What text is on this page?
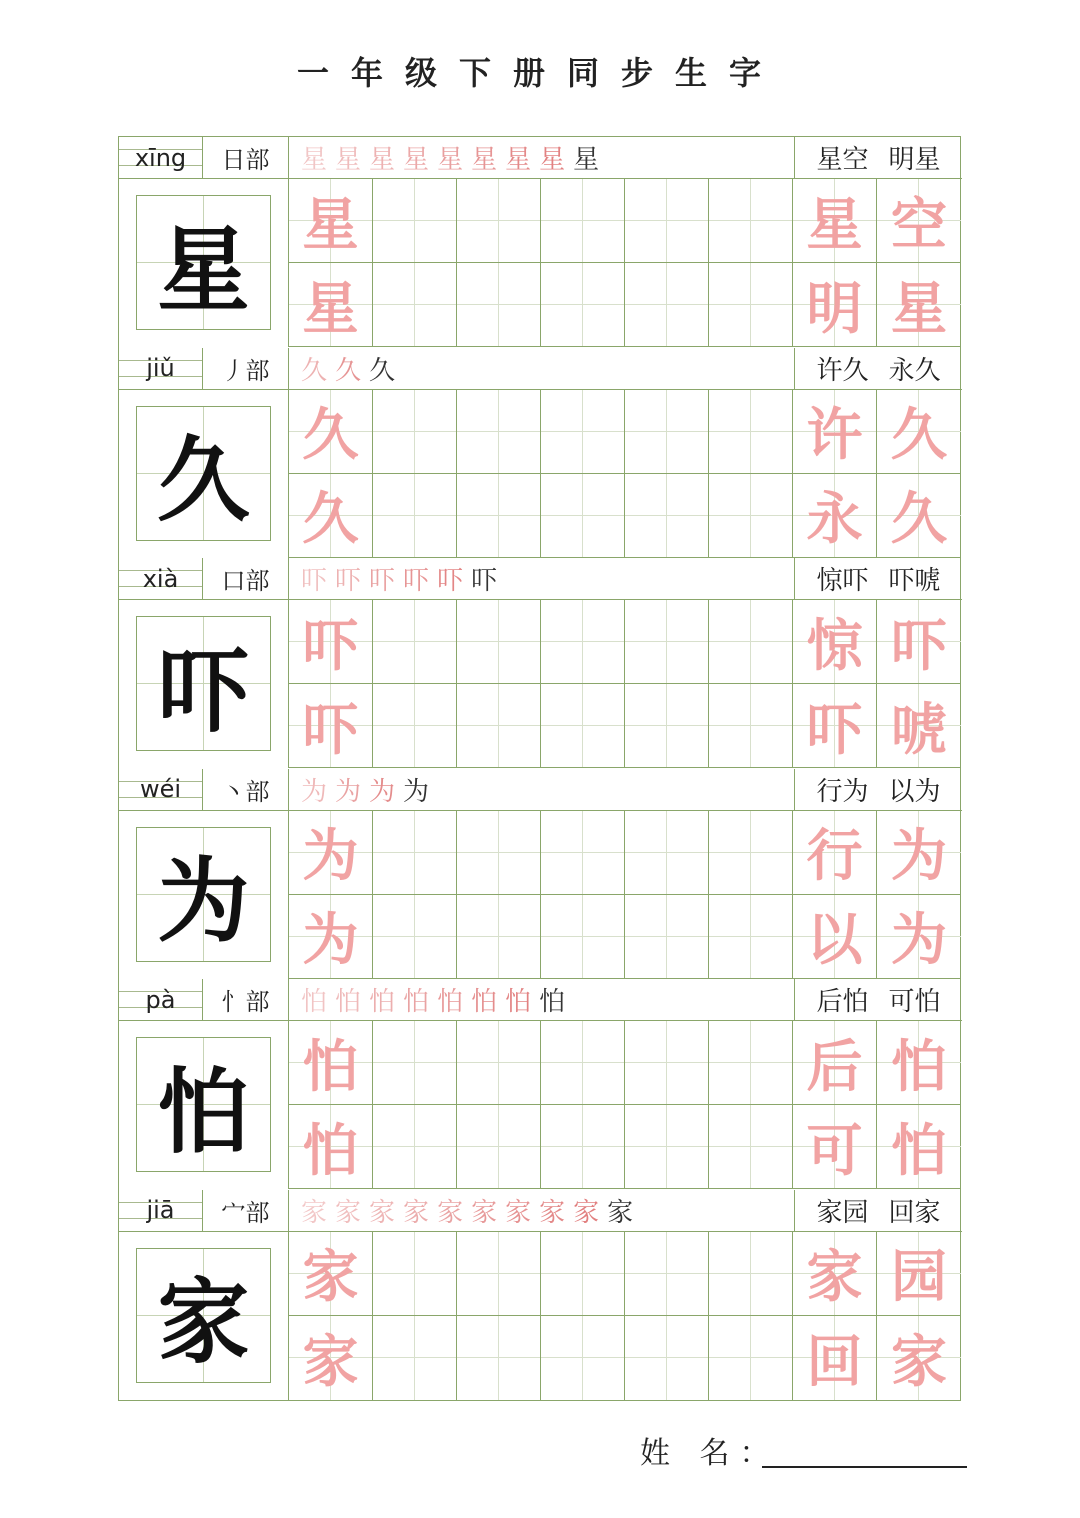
一年级下册同步生字
xīng	日部	星 星 星 星 星 星 星 星 星	星空 明星
星 星	星 空
星	明 星
jiǔ	丿部	久 久 久	许久 永久
久 久	许 久
久	永 久
xià	口部	吓 吓 吓 吓 吓 吓	惊吓 吓唬
吓 吓	惊 吓
吓	吓 唬
wéi	丶部	为 为 为 为	行为 以为
为 为	行 为
为	以 为
pà	忄部	怕 怕 怕 怕 怕 怕 怕 怕	后怕 可怕
怕 怕	后 怕
怕	可 怕
jiā	宀部	家 家 家 家 家 家 家 家 家 家	家园 回家
家 家	家 园
家	回 家
姓 名：
